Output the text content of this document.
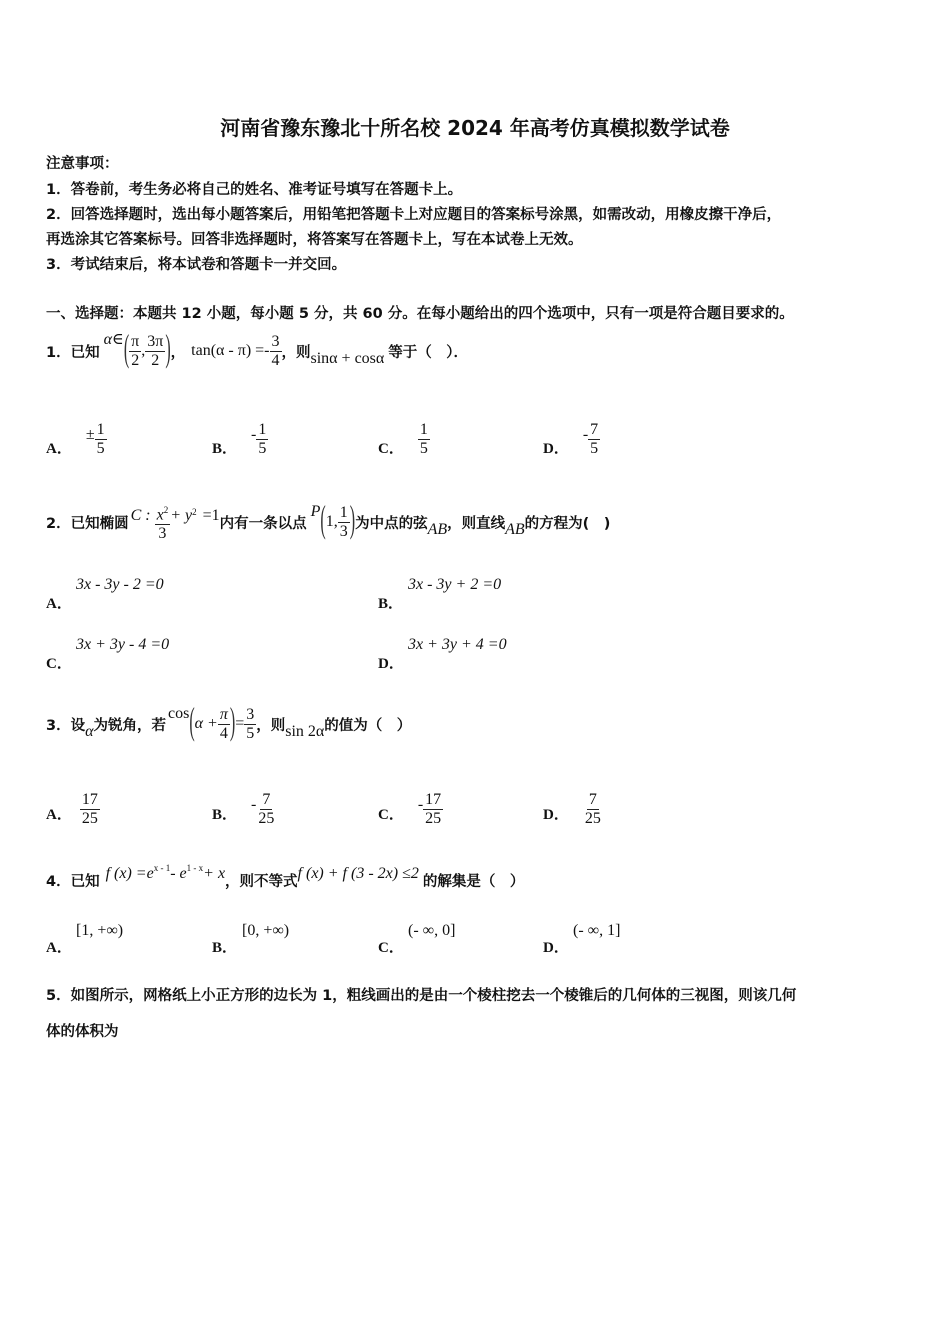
河南省豫东豫北十所名校 2024 年高考仿真模拟数学试卷
注意事项：
1．答卷前，考生务必将自己的姓名、准考证号填写在答题卡上。
2．回答选择题时，选出每小题答案后，用铅笔把答题卡上对应题目的答案标号涂黑，如需改动，用橡皮擦干净后，
再选涂其它答案标号。回答非选择题时，将答案写在答题卡上，写在本试卷上无效。
3．考试结束后，将本试卷和答题卡一并交回。
一、选择题：本题共 12 小题，每小题 5 分，共 60 分。在每小题给出的四个选项中，只有一项是符合题目要求的。
1．已知
α∈ ( $\frac{\pi}{2}$ , $\frac{3\pi}{2}$ ) ， $\tan(\alpha - \pi) =- \frac{3}{4}$ ，则 sinα + cosα 等于（　）．
A．
± $\frac{1}{5}$	B．
- $\frac{1}{5}$	C． $\frac{1}{5}$	D．
- $\frac{7}{5}$
2．已知椭圆 C : $\frac{x^2}{3} + y$ 2 =1 内有一条以点
P ( 1, $\frac{1}{3}$ ) 为中点的弦 AB ，则直线 AB 的方程为(　)
A．
3x - 3y - 2 =0
B．
3x - 3y + 2 =0
C．
3x + 3y - 4 =0
D．
3x + 3y + 4 =0
3．设 α 为锐角，若
cos ( $\alpha + \frac{\pi}{4}$ ) = $\frac{3}{5}$ ，则 sin 2α 的值为（　）
A． $\frac{17}{25}$	B．
- $\frac{7}{25}$	C．
- $\frac{17}{25}$	D． $\frac{7}{25}$
4．已知 f (x) =e x - 1 - e 1 - x + x ，则不等式 f (x) + f (3 - 2x) ≤2 的解集是（　）
A．
[1, +∞)
B．
[0, +∞)
C．
(- ∞, 0]
D．
(- ∞, 1]
5．如图所示，网格纸上小正方形的边长为 1，粗线画出的是由一个棱柱挖去一个棱锥后的几何体的三视图，则该几何
体的体积为
